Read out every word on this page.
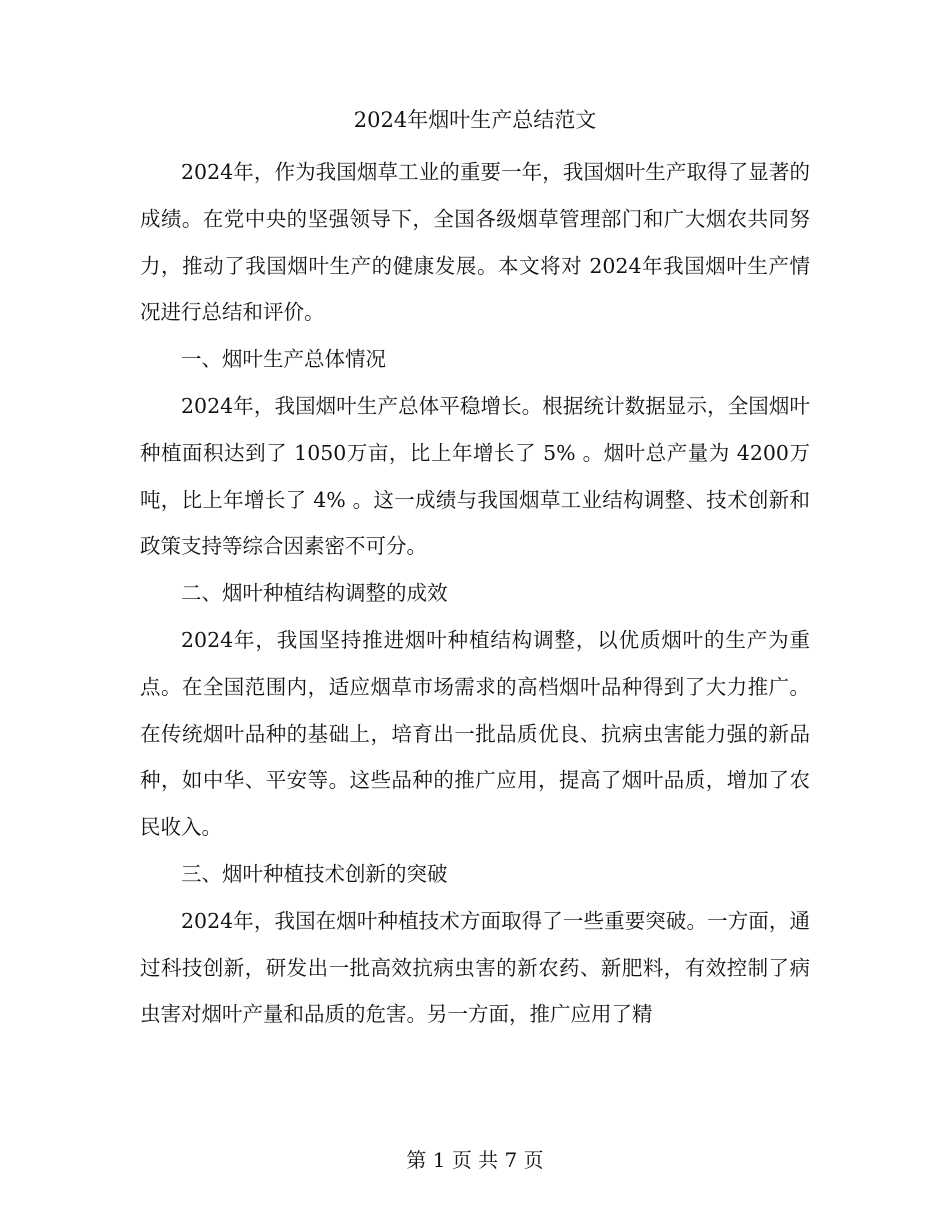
2024年烟叶生产总结范文

2024年，作为我国烟草工业的重要一年，我国烟叶生产取得了显著的成绩。在党中央的坚强领导下，全国各级烟草管理部门和广大烟农共同努力，推动了我国烟叶生产的健康发展。本文将对 2024年我国烟叶生产情况进行总结和评价。

一、烟叶生产总体情况

2024年，我国烟叶生产总体平稳增长。根据统计数据显示，全国烟叶种植面积达到了 1050万亩，比上年增长了 5% 。烟叶总产量为 4200万吨，比上年增长了 4% 。这一成绩与我国烟草工业结构调整、技术创新和政策支持等综合因素密不可分。

二、烟叶种植结构调整的成效

2024年，我国坚持推进烟叶种植结构调整，以优质烟叶的生产为重点。在全国范围内，适应烟草市场需求的高档烟叶品种得到了大力推广。在传统烟叶品种的基础上，培育出一批品质优良、抗病虫害能力强的新品种，如中华、平安等。这些品种的推广应用，提高了烟叶品质，增加了农民收入。

三、烟叶种植技术创新的突破

2024年，我国在烟叶种植技术方面取得了一些重要突破。一方面，通过科技创新，研发出一批高效抗病虫害的新农药、新肥料，有效控制了病虫害对烟叶产量和品质的危害。另一方面，推广应用了精

第 1 页 共 7 页
